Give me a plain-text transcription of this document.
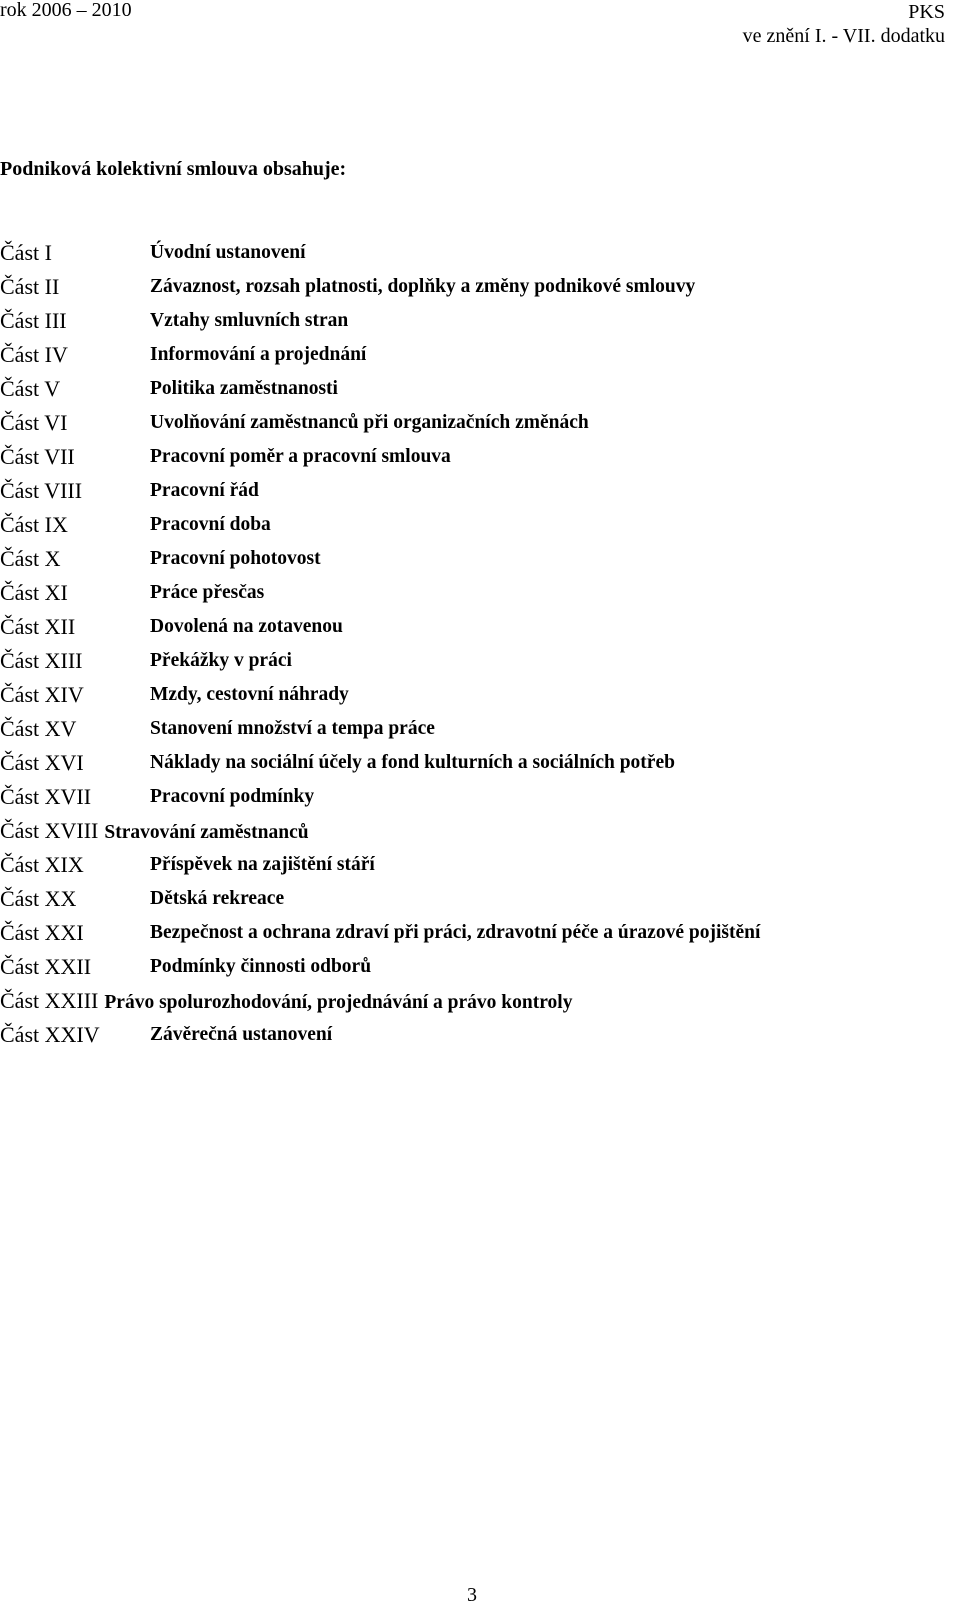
rok 2006 – 2010	PKS
ve znění I. - VII. dodatku
Podniková kolektivní smlouva obsahuje:
Část I	Úvodní ustanovení
Část II	Závaznost, rozsah platnosti, doplňky a změny podnikové smlouvy
Část III	Vztahy smluvních stran
Část IV	Informování a projednání
Část V	Politika zaměstnanosti
Část VI	Uvolňování zaměstnanců při organizačních změnách
Část VII	Pracovní poměr a pracovní smlouva
Část VIII	Pracovní řád
Část IX	Pracovní doba
Část X	Pracovní pohotovost
Část XI	Práce přesčas
Část XII	Dovolená na zotavenou
Část XIII	Překážky v práci
Část XIV	Mzdy, cestovní náhrady
Část XV	Stanovení množství a tempa práce
Část XVI	Náklady na sociální účely a fond kulturních a sociálních potřeb
Část XVII	Pracovní podmínky
Část XVIII Stravování zaměstnanců
Část XIX	Příspěvek na zajištění stáří
Část XX	Dětská rekreace
Část XXI	Bezpečnost a ochrana zdraví při práci, zdravotní péče a úrazové pojištění
Část XXII	Podmínky činnosti odborů
Část XXIII Právo spolurozhodování, projednávání a právo kontroly
Část XXIV	Závěrečná ustanovení
3
